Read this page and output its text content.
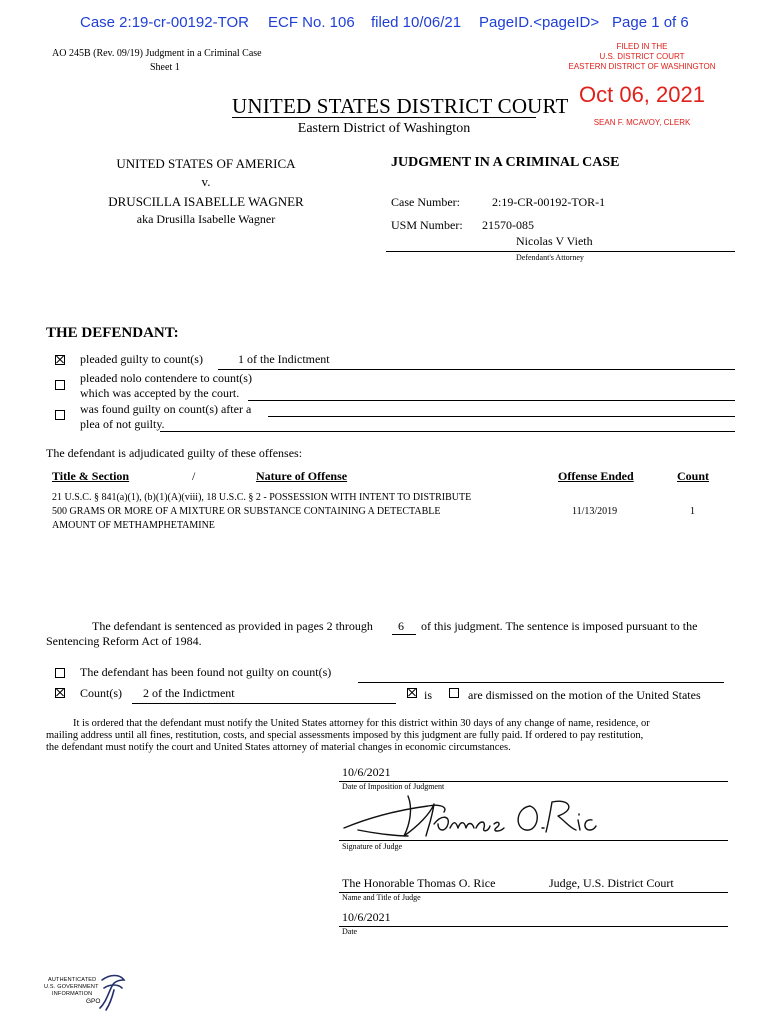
Case 2:19-cr-00192-TOR ECF No. 106 filed 10/06/21 PageID.<pageID> Page 1 of 6
AO 245B (Rev. 09/19) Judgment in a Criminal Case
Sheet 1
FILED IN THE
U.S. DISTRICT COURT
EASTERN DISTRICT OF WASHINGTON
Oct 06, 2021
SEAN F. MCAVOY, CLERK
UNITED STATES DISTRICT COURT
Eastern District of Washington
UNITED STATES OF AMERICA
v.
DRUSCILLA ISABELLE WAGNER
aka Drusilla Isabelle Wagner
JUDGMENT IN A CRIMINAL CASE
Case Number:	2:19-CR-00192-TOR-1
USM Number: 21570-085
Nicolas V Vieth
Defendant's Attorney
THE DEFENDANT:
pleaded guilty to count(s)	1 of the Indictment
pleaded nolo contendere to count(s)
which was accepted by the court.
was found guilty on count(s) after a
plea of not guilty.
The defendant is adjudicated guilty of these offenses:
Title & Section	/	Nature of Offense	Offense Ended	Count
21 U.S.C. § 841(a)(1), (b)(1)(A)(viii), 18 U.S.C. § 2 - POSSESSION WITH INTENT TO DISTRIBUTE
500 GRAMS OR MORE OF A MIXTURE OR SUBSTANCE CONTAINING A DETECTABLE
AMOUNT OF METHAMPHETAMINE
11/13/2019	1
The defendant is sentenced as provided in pages 2 through 6 of this judgment. The sentence is imposed pursuant to the
Sentencing Reform Act of 1984.
The defendant has been found not guilty on count(s)
Count(s) 2 of the Indictment	is	are dismissed on the motion of the United States
It is ordered that the defendant must notify the United States attorney for this district within 30 days of any change of name, residence, or
mailing address until all fines, restitution, costs, and special assessments imposed by this judgment are fully paid. If ordered to pay restitution,
the defendant must notify the court and United States attorney of material changes in economic circumstances.
10/6/2021
Date of Imposition of Judgment
Signature of Judge
The Honorable Thomas O. Rice	Judge, U.S. District Court
Name and Title of Judge
10/6/2021
Date
AUTHENTICATED
U.S. GOVERNMENT
INFORMATION
GPO
